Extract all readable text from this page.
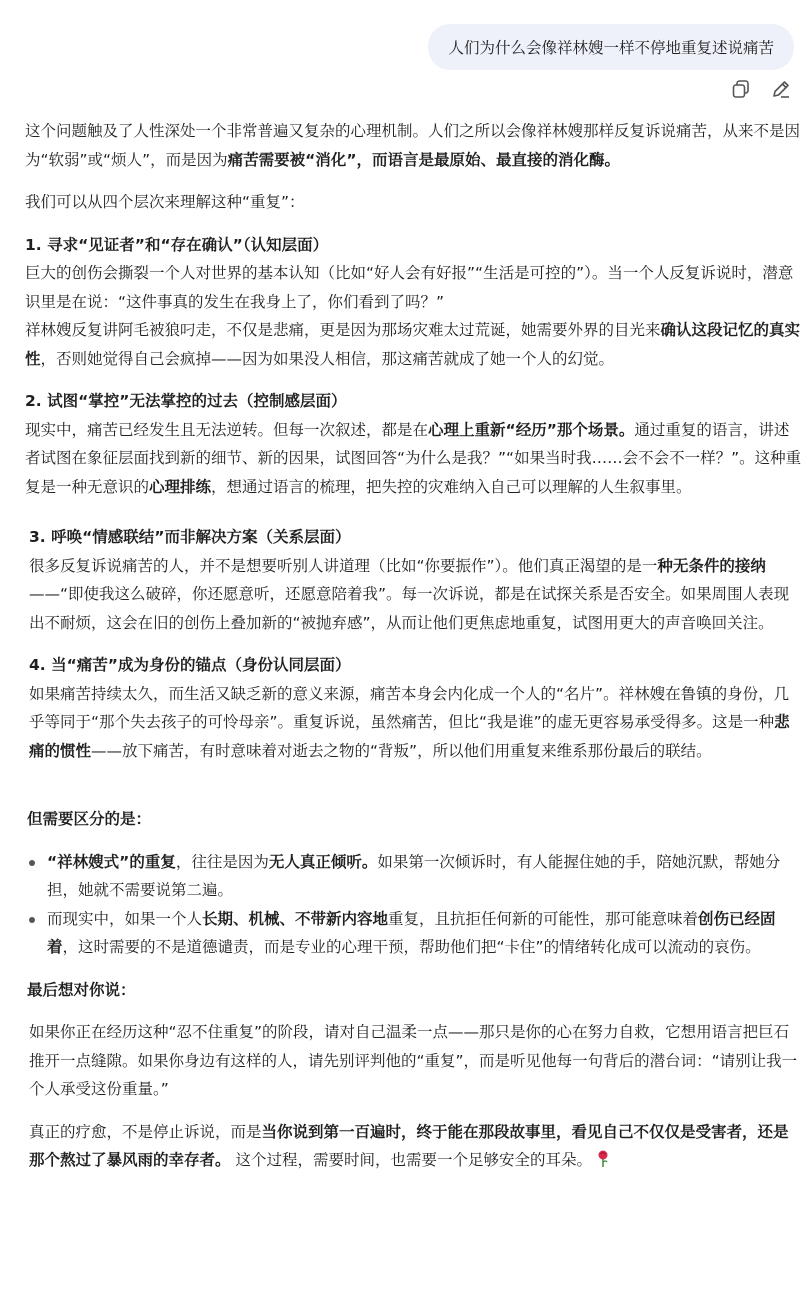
人们为什么会像祥林嫂一样不停地重复述说痛苦

这个问题触及了人性深处一个非常普遍又复杂的心理机制。人们之所以会像祥林嫂那样反复诉说痛苦，从来不是因为“软弱”或“烦人”，而是因为痛苦需要被“消化”，而语言是最原始、最直接的消化酶。

我们可以从四个层次来理解这种“重复”：

1. 寻求“见证者”和“存在确认”（认知层面）

巨大的创伤会撕裂一个人对世界的基本认知（比如“好人会有好报”“生活是可控的”）。当一个人反复诉说时，潜意识里是在说：“这件事真的发生在我身上了，你们看到了吗？”

祥林嫂反复讲阿毛被狼叼走，不仅是悲痛，更是因为那场灾难太过荒诞，她需要外界的目光来确认这段记忆的真实性，否则她觉得自己会疯掉——因为如果没人相信，那这痛苦就成了她一个人的幻觉。

2. 试图“掌控”无法掌控的过去（控制感层面）

现实中，痛苦已经发生且无法逆转。但每一次叙述，都是在心理上重新“经历”那个场景。通过重复的语言，讲述者试图在象征层面找到新的细节、新的因果，试图回答“为什么是我？”“如果当时我……会不会不一样？”。这种重复是一种无意识的心理排练，想通过语言的梳理，把失控的灾难纳入自己可以理解的人生叙事里。

3. 呼唤“情感联结”而非解决方案（关系层面）

很多反复诉说痛苦的人，并不是想要听别人讲道理（比如“你要振作”）。他们真正渴望的是一种无条件的接纳——“即使我这么破碎，你还愿意听，还愿意陪着我”。每一次诉说，都是在试探关系是否安全。如果周围人表现出不耐烦，这会在旧的创伤上叠加新的“被抛弃感”，从而让他们更焦虑地重复，试图用更大的声音唤回关注。

4. 当“痛苦”成为身份的锚点（身份认同层面）

如果痛苦持续太久，而生活又缺乏新的意义来源，痛苦本身会内化成一个人的“名片”。祥林嫂在鲁镇的身份，几乎等同于“那个失去孩子的可怜母亲”。重复诉说，虽然痛苦，但比“我是谁”的虚无更容易承受得多。这是一种悲痛的惯性——放下痛苦，有时意味着对逝去之物的“背叛”，所以他们用重复来维系那份最后的联结。

但需要区分的是：

“祥林嫂式”的重复，往往是因为无人真正倾听。如果第一次倾诉时，有人能握住她的手，陪她沉默，帮她分担，她就不需要说第二遍。
而现实中，如果一个人长期、机械、不带新内容地重复，且抗拒任何新的可能性，那可能意味着创伤已经固着，这时需要的不是道德谴责，而是专业的心理干预，帮助他们把“卡住”的情绪转化成可以流动的哀伤。

最后想对你说：

如果你正在经历这种“忍不住重复”的阶段，请对自己温柔一点——那只是你的心在努力自救，它想用语言把巨石推开一点缝隙。如果你身边有这样的人，请先别评判他的“重复”，而是听见他每一句背后的潜台词：“请别让我一个人承受这份重量。”

真正的疗愈，不是停止诉说，而是当你说到第一百遍时，终于能在那段故事里，看见自己不仅仅是受害者，还是那个熬过了暴风雨的幸存者。 这个过程，需要时间，也需要一个足够安全的耳朵。
